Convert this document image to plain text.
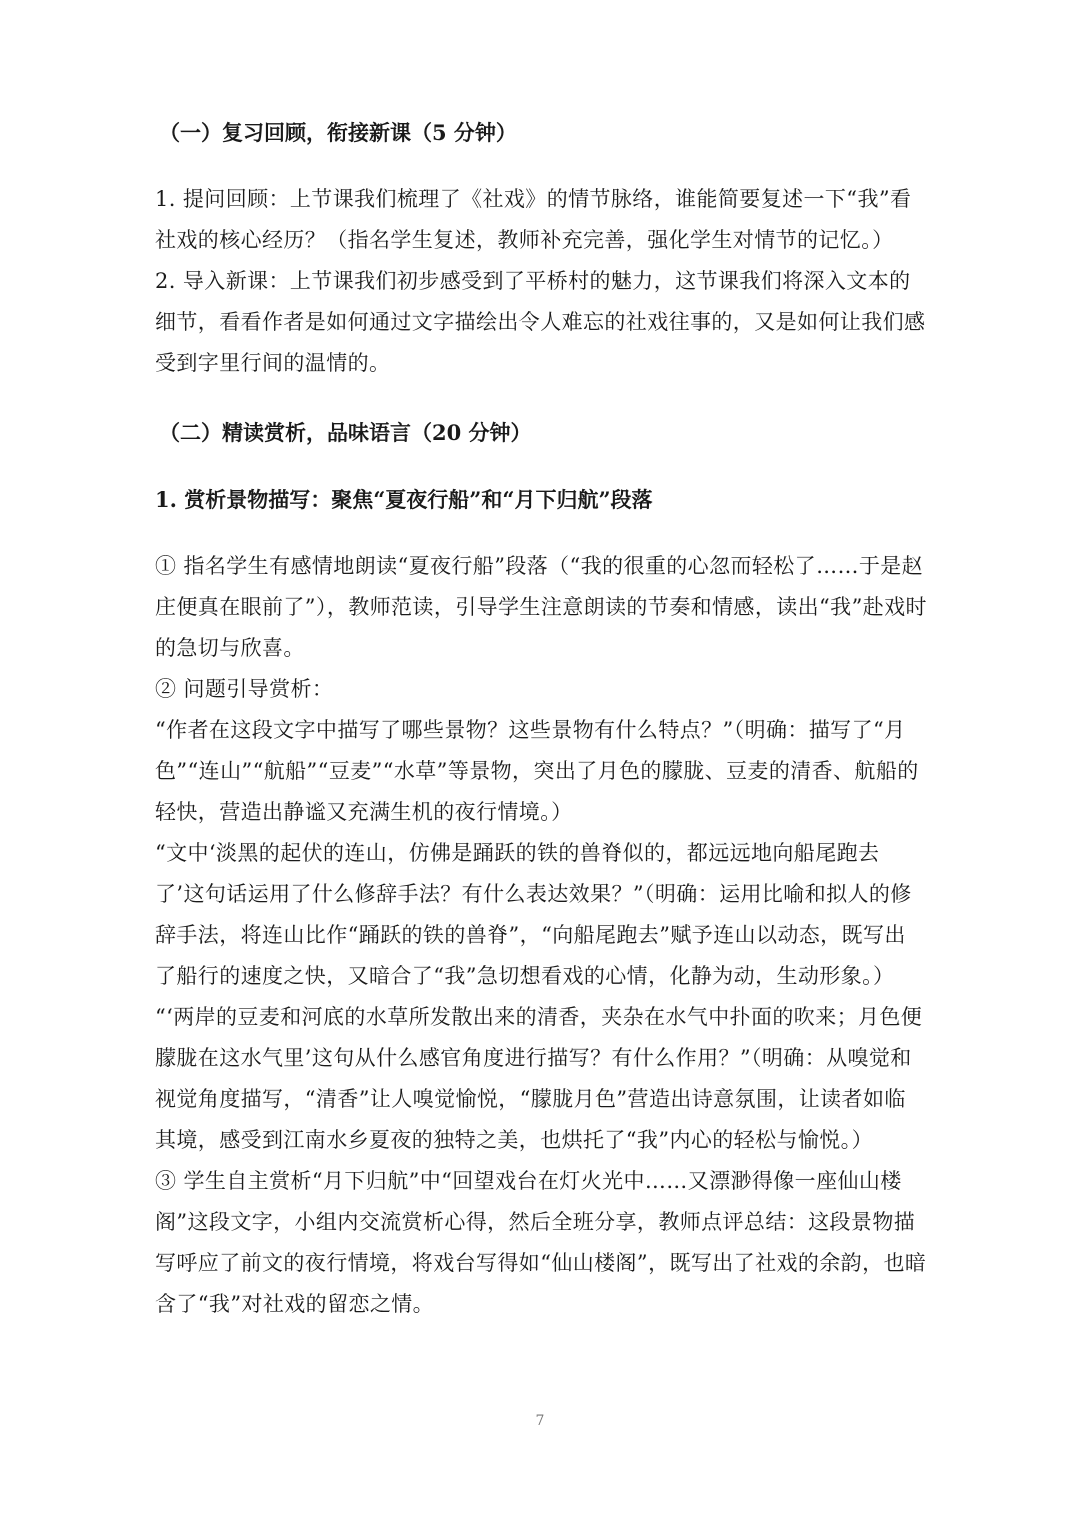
（一）复习回顾，衔接新课（5 分钟）

1. 提问回顾：上节课我们梳理了《社戏》的情节脉络，谁能简要复述一下“我”看社戏的核心经历？（指名学生复述，教师补充完善，强化学生对情节的记忆。）

2. 导入新课：上节课我们初步感受到了平桥村的魅力，这节课我们将深入文本的细节，看看作者是如何通过文字描绘出令人难忘的社戏往事的，又是如何让我们感受到字里行间的温情的。

（二）精读赏析，品味语言（20 分钟）

1. 赏析景物描写：聚焦“夏夜行船”和“月下归航”段落

① 指名学生有感情地朗读“夏夜行船”段落（“我的很重的心忽而轻松了……于是赵庄便真在眼前了”），教师范读，引导学生注意朗读的节奏和情感，读出“我”赴戏时的急切与欣喜。

② 问题引导赏析：

“作者在这段文字中描写了哪些景物？这些景物有什么特点？”（明确：描写了“月色”“连山”“航船”“豆麦”“水草”等景物，突出了月色的朦胧、豆麦的清香、航船的轻快，营造出静谧又充满生机的夜行情境。）

“文中‘淡黑的起伏的连山，仿佛是踊跃的铁的兽脊似的，都远远地向船尾跑去了’这句话运用了什么修辞手法？有什么表达效果？”（明确：运用比喻和拟人的修辞手法，将连山比作“踊跃的铁的兽脊”，“向船尾跑去”赋予连山以动态，既写出了船行的速度之快，又暗合了“我”急切想看戏的心情，化静为动，生动形象。）

“‘两岸的豆麦和河底的水草所发散出来的清香，夹杂在水气中扑面的吹来；月色便朦胧在这水气里’这句从什么感官角度进行描写？有什么作用？”（明确：从嗅觉和视觉角度描写，“清香”让人嗅觉愉悦，“朦胧月色”营造出诗意氛围，让读者如临其境，感受到江南水乡夏夜的独特之美，也烘托了“我”内心的轻松与愉悦。）

③ 学生自主赏析“月下归航”中“回望戏台在灯火光中……又漂渺得像一座仙山楼阁”这段文字，小组内交流赏析心得，然后全班分享，教师点评总结：这段景物描写呼应了前文的夜行情境，将戏台写得如“仙山楼阁”，既写出了社戏的余韵，也暗含了“我”对社戏的留恋之情。

7
